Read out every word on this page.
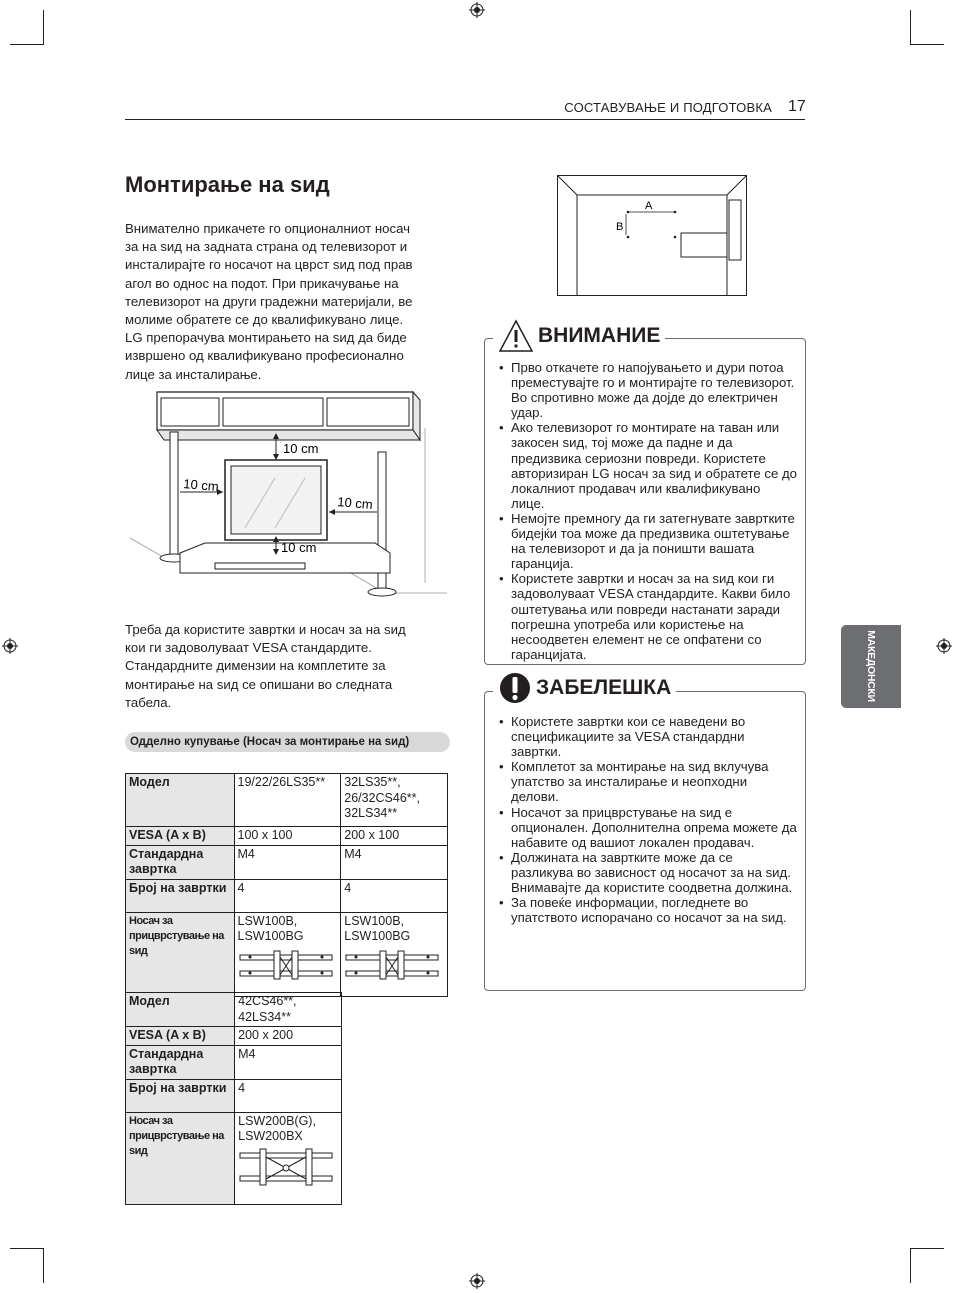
СОСТАВУВАЊЕ И ПОДГОТОВКА 17
Монтирање на sид

Внимателно прикачете го опционалниот носач

за на sид на задната страна од телевизорот и

инсталирајте го носачот на цврст sид под прав

агол во однос на подот. При прикачување на

телевизорот на други градежни материјали, ве

молиме обратете се до квалификувано лице.

LG препорачува монтирањето на sид да биде

извршено од квалификувано професионално

лице за инсталирање.

10 cm
10 cm
10 cm
10 cm

Треба да користите завртки и носач за на sид

кои ги задоволуваат VESA стандардите.

Стандардните димензии на комплетите за

монтирање на sид се опишани во следната

табела.

Одделно купување (Носач за монтирање на sид)
Модел	19/22/26LS35**	32LS35**, 26/32CS46**, 32LS34**
VESA (A x B)	100 x 100	200 x 100
Стандардна завртка	M4	M4
Број на завртки	4	4
Носач за прицврстување на sид	LSW100B, LSW100BG	LSW100B, LSW100BG
Модел	42CS46**, 42LS34**
VESA (A x B)	200 x 200
Стандардна завртка	M4
Број на завртки	4
Носач за прицврстување на sид	LSW200B(G), LSW200BX
A
B
ВНИМАНИЕ
• Прво откачете го напојувањето и дури потоа преместувајте го и монтирајте го телевизорот. Во спротивно може да дојде до електричен удар.
• Ако телевизорот го монтирате на таван или закосен sид, тој може да падне и да предизвика сериозни повреди. Користете авторизиран LG носач за sид и обратете се до локалниот продавач или квалификувано лице.
• Немојте премногу да ги затегнувате завртките бидејќи тоа може да предизвика оштетување на телевизорот и да ја поништи вашата гаранција.
• Користете завртки и носач за на sид кои ги задоволуваат VESA стандардите. Какви било оштетувања или повреди настанати заради погрешна употреба или користење на несоодветен елемент не се опфатени со гаранцијата.
ЗАБЕЛЕШКА
• Користете завртки кои се наведени во спецификациите за VESA стандардни завртки.
• Комплетот за монтирање на sид вклучува упатство за инсталирање и неопходни делови.
• Носачот за прицврстување на sид е опционален. Дополнителна опрема можете да набавите од вашиот локален продавач.
• Должината на завртките може да се разликува во зависност од носачот за на sид. Внимавајте да користите соодветна должина.
• За повеќе информации, погледнете во упатството испорачано со носачот за на sид.
МАКЕДОНСКИ
